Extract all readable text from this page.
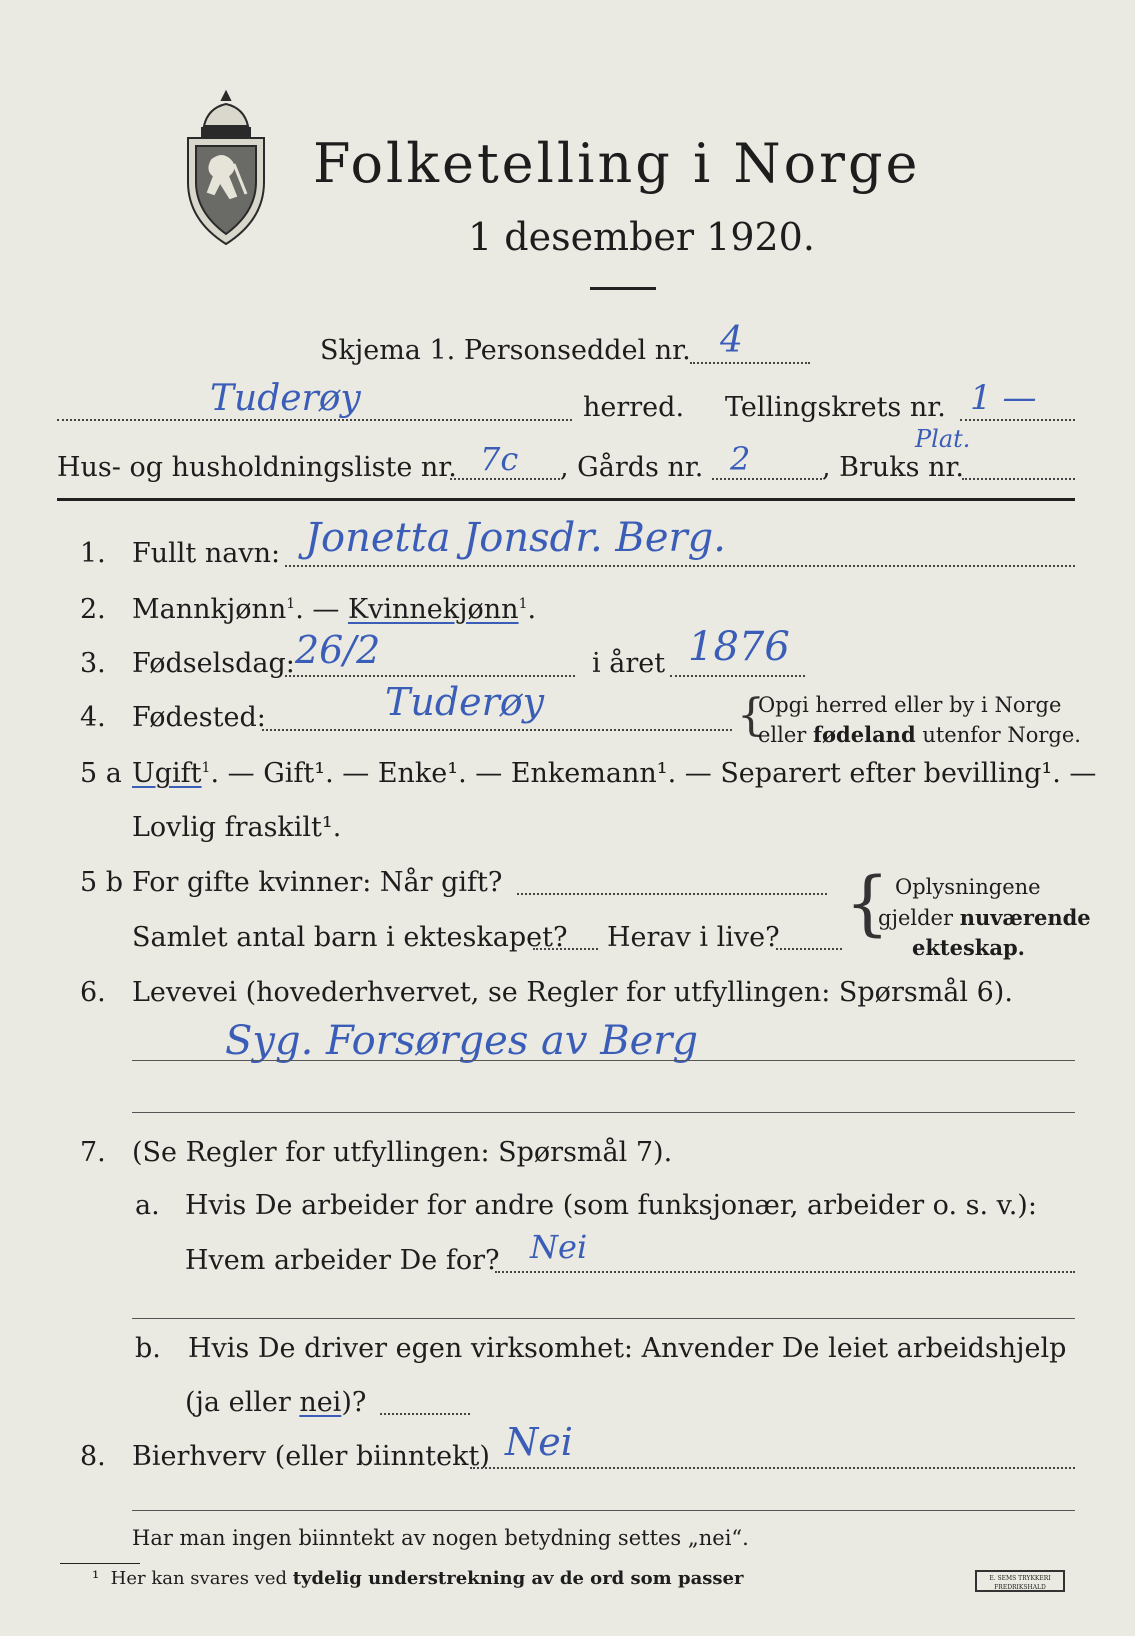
Folketelling i Norge
1 desember 1920.
Skjema 1. Personseddel nr. 4
Tuderøy	herred. Tellingskrets nr. 1 —
Plat.
Hus- og husholdningsliste nr. 7c , Gårds nr. 2	, Bruks nr.
1. Fullt navn: Jonetta Jonsdr. Berg.
2. Mannkjønn$^1$. — Kvinnekjønn$^1$.
3. Fødselsdag: 26/2	i året 1876
4. Fødested:	Tuderøy	{
Opgi herred eller by i Norge
eller fødeland utenfor Norge.
5 a Ugift$^1$. — Gift¹. — Enke¹. — Enkemann¹. — Separert efter bevilling¹. —
Lovlig fraskilt¹.
5 b For gifte kvinner: Når gift?
Samlet antal barn i ekteskapet? Herav i live? { Oplysningene
gjelder nuværende
ekteskap.
6. Levevei (hovederhvervet, se Regler for utfyllingen: Spørsmål 6).
Syg. Forsørges av Berg
7. (Se Regler for utfyllingen: Spørsmål 7).
a. Hvis De arbeider for andre (som funksjonær, arbeider o. s. v.):
Hvem arbeider De for? Nei
b. Hvis De driver egen virksomhet: Anvender De leiet arbeidshjelp
(ja eller nei)?
8. Bierhverv (eller biinntekt) Nei
Har man ingen biinntekt av nogen betydning settes „nei“.
¹ Her kan svares ved tydelig understrekning av de ord som passer	E. SEMS TRYKKERI FREDRIKSHALD
